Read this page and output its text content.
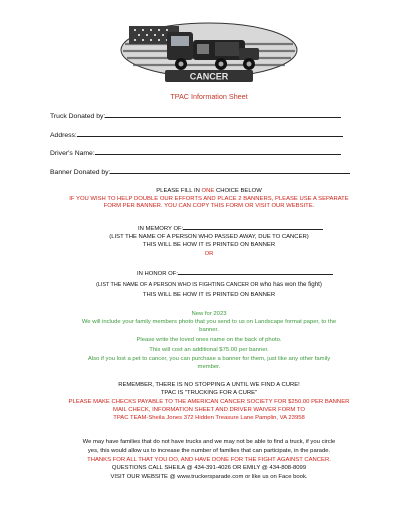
CANCER
TPAC Information Sheet
Truck Donated by:
Address:
Driver's Name:
Banner Donated by:
PLEASE FILL IN ONE CHOICE BELOW
IF YOU WISH TO HELP DOUBLE OUR EFFORTS AND PLACE 2 BANNERS, PLEASE USE A SEPARATE
FORM PER BANNER. YOU CAN COPY THIS FORM OR VISIT OUR WEBSITE.
IN MEMORY OF:
(LIST THE NAME OF A PERSON WHO PASSED AWAY, DUE TO CANCER)
THIS WILL BE HOW IT IS PRINTED ON BANNER
OR
IN HONOR OF:
(LIST THE NAME OF A PERSON WHO IS FIGHTING CANCER OR who has won the fight)
THIS WILL BE HOW IT IS PRINTED ON BANNER
New for 2023
We will include your family members photo that you send to us on Landscape format paper, to the
banner.
Please write the loved ones name on the back of photo.
This will cost an additional $75.00 per banner.
Also if you lost a pet to cancer, you can purchase a banner for them, just like any other family
member.
REMEMBER, THERE IS NO STOPPING A UNTIL WE FIND A CURE!
TPAC IS "TRUCKING FOR A CURE"
PLEASE MAKE CHECKS PAYABLE TO THE AMERICAN CANCER SOCIETY FOR $250.00 PER BANNER
MAIL CHECK, INFORMATION SHEET AND DRIVER WAIVER FORM TO
TPAC TEAM-Sheila Jones 372 Hidden Treasure Lane Pamplin, VA 23958
We may have families that do not have trucks and we may not be able to find a truck, if you circle
yes, this would allow us to increase the number of families that can participate, in the parade.
THANKS FOR ALL THAT YOU DO, AND HAVE DONE FOR THE FIGHT AGAINST CANCER.
QUESTIONS CALL SHEILA @ 434-391-4026 OR EMILY @ 434-808-8099
VISIT OUR WEBSITE @ www.truckersparade.com or like us on Face book.
